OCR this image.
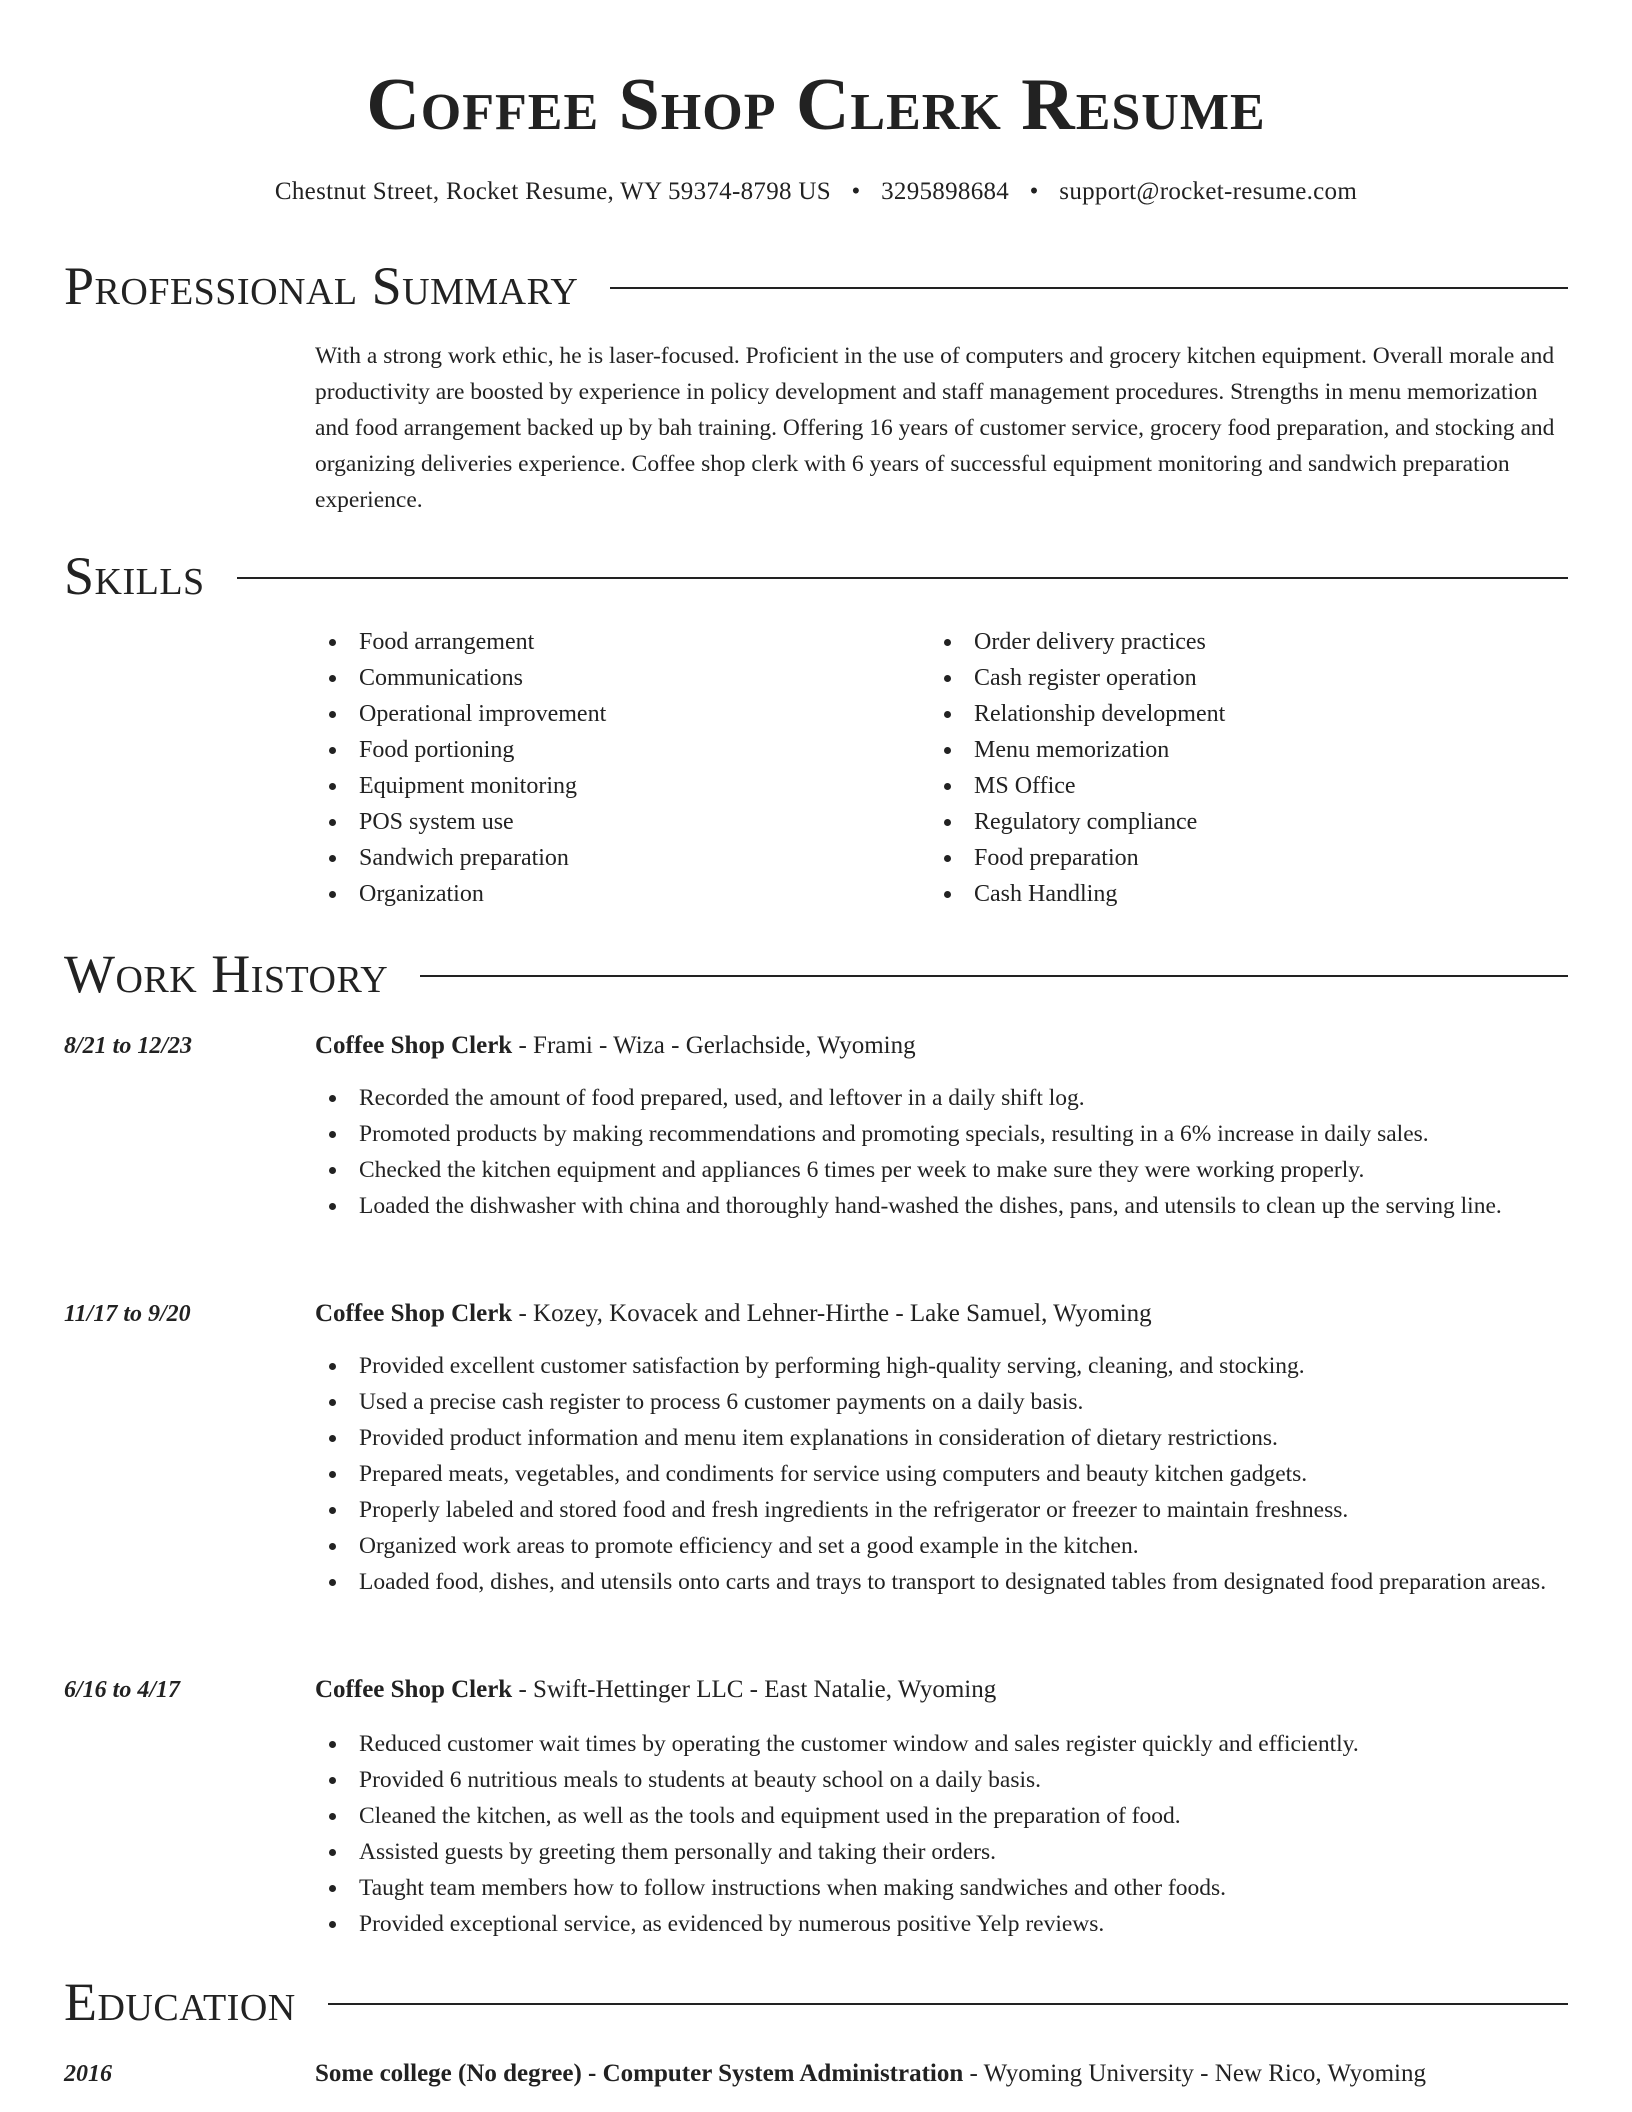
Coffee Shop Clerk Resume
Chestnut Street, Rocket Resume, WY 59374-8798 US • 3295898684 • support@rocket-resume.com
Professional Summary

With a strong work ethic, he is laser-focused. Proficient in the use of computers and grocery kitchen equipment. Overall morale and productivity are boosted by experience in policy development and staff management procedures. Strengths in menu memorization and food arrangement backed up by bah training. Offering 16 years of customer service, grocery food preparation, and stocking and organizing deliveries experience. Coffee shop clerk with 6 years of successful equipment monitoring and sandwich preparation experience.

Skills
Food arrangement
Communications
Operational improvement
Food portioning
Equipment monitoring
POS system use
Sandwich preparation
Organization
Order delivery practices
Cash register operation
Relationship development
Menu memorization
MS Office
Regulatory compliance
Food preparation
Cash Handling
Work History
8/21 to 12/23	Coffee Shop Clerk - Frami - Wiza - Gerlachside, Wyoming
Recorded the amount of food prepared, used, and leftover in a daily shift log.
Promoted products by making recommendations and promoting specials, resulting in a 6% increase in daily sales.
Checked the kitchen equipment and appliances 6 times per week to make sure they were working properly.
Loaded the dishwasher with china and thoroughly hand-washed the dishes, pans, and utensils to clean up the serving line.
11/17 to 9/20	Coffee Shop Clerk - Kozey, Kovacek and Lehner-Hirthe - Lake Samuel, Wyoming
Provided excellent customer satisfaction by performing high-quality serving, cleaning, and stocking.
Used a precise cash register to process 6 customer payments on a daily basis.
Provided product information and menu item explanations in consideration of dietary restrictions.
Prepared meats, vegetables, and condiments for service using computers and beauty kitchen gadgets.
Properly labeled and stored food and fresh ingredients in the refrigerator or freezer to maintain freshness.
Organized work areas to promote efficiency and set a good example in the kitchen.
Loaded food, dishes, and utensils onto carts and trays to transport to designated tables from designated food preparation areas.
6/16 to 4/17	Coffee Shop Clerk - Swift-Hettinger LLC - East Natalie, Wyoming
Reduced customer wait times by operating the customer window and sales register quickly and efficiently.
Provided 6 nutritious meals to students at beauty school on a daily basis.
Cleaned the kitchen, as well as the tools and equipment used in the preparation of food.
Assisted guests by greeting them personally and taking their orders.
Taught team members how to follow instructions when making sandwiches and other foods.
Provided exceptional service, as evidenced by numerous positive Yelp reviews.
Education
2016	Some college (No degree) - Computer System Administration - Wyoming University - New Rico, Wyoming
